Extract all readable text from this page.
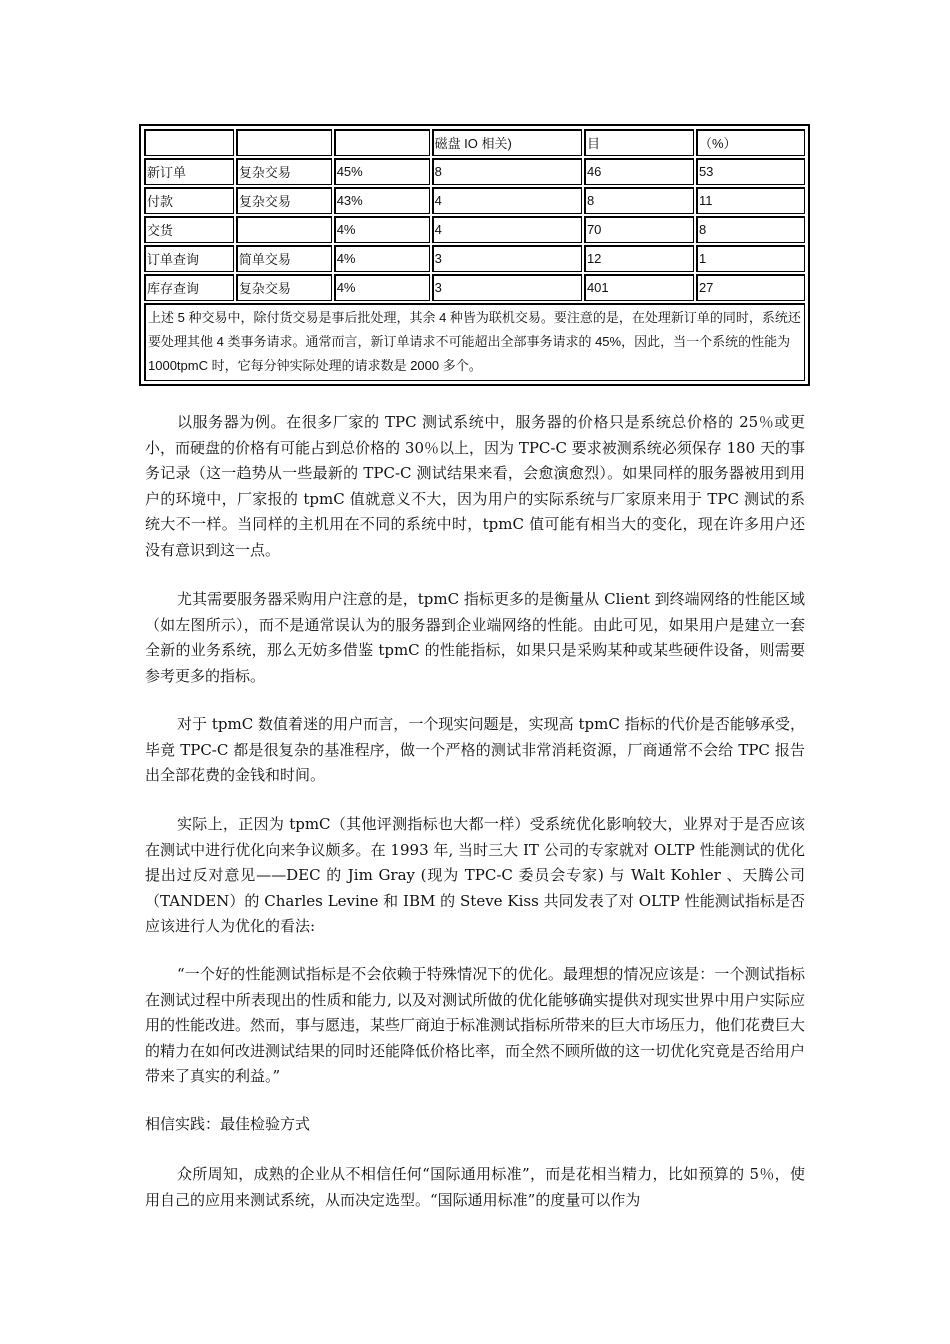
			磁盘 IO 相关)	目	（%）
新订单	复杂交易	45%	8	46	53
付款	复杂交易	43%	4	8	11
交货		4%	4	70	8
订单查询	简单交易	4%	3	12	1
库存查询	复杂交易	4%	3	401	27
上述 5 种交易中，除付货交易是事后批处理，其余 4 种皆为联机交易。要注意的是，在处理新订单的同时，系统还要处理其他 4 类事务请求。通常而言，新订单请求不可能超出全部事务请求的 45%，因此，当一个系统的性能为 1000tpmC 时，它每分钟实际处理的请求数是 2000 多个。					

以服务器为例。在很多厂家的 TPC 测试系统中，服务器的价格只是系统总价格的 25％或更小，而硬盘的价格有可能占到总价格的 30％以上，因为 TPC-C 要求被测系统必须保存 180 天的事务记录（这一趋势从一些最新的 TPC-C 测试结果来看，会愈演愈烈）。如果同样的服务器被用到用户的环境中，厂家报的 tpmC 值就意义不大，因为用户的实际系统与厂家原来用于 TPC 测试的系统大不一样。当同样的主机用在不同的系统中时，tpmC 值可能有相当大的变化，现在许多用户还没有意识到这一点。

尤其需要服务器采购用户注意的是，tpmC 指标更多的是衡量从 Client 到终端网络的性能区域（如左图所示），而不是通常误认为的服务器到企业端网络的性能。由此可见，如果用户是建立一套全新的业务系统，那么无妨多借鉴 tpmC 的性能指标，如果只是采购某种或某些硬件设备，则需要参考更多的指标。

对于 tpmC 数值着迷的用户而言，一个现实问题是，实现高 tpmC 指标的代价是否能够承受，毕竟 TPC-C 都是很复杂的基准程序，做一个严格的测试非常消耗资源，厂商通常不会给 TPC 报告出全部花费的金钱和时间。

实际上，正因为 tpmC（其他评测指标也大都一样）受系统优化影响较大，业界对于是否应该在测试中进行优化向来争议颇多。在 1993 年, 当时三大 IT 公司的专家就对 OLTP 性能测试的优化提出过反对意见——DEC 的 Jim Gray (现为 TPC-C 委员会专家) 与 Walt Kohler 、天腾公司（TANDEN）的 Charles Levine 和 IBM 的 Steve Kiss 共同发表了对 OLTP 性能测试指标是否应该进行人为优化的看法:

“一个好的性能测试指标是不会依赖于特殊情况下的优化。最理想的情况应该是：一个测试指标在测试过程中所表现出的性质和能力, 以及对测试所做的优化能够确实提供对现实世界中用户实际应用的性能改进。然而，事与愿违，某些厂商迫于标准测试指标所带来的巨大市场压力，他们花费巨大的精力在如何改进测试结果的同时还能降低价格比率，而全然不顾所做的这一切优化究竟是否给用户带来了真实的利益。”

相信实践：最佳检验方式

众所周知，成熟的企业从不相信任何“国际通用标准”，而是花相当精力，比如预算的 5％，使用自己的应用来测试系统，从而决定选型。“国际通用标准”的度量可以作为
